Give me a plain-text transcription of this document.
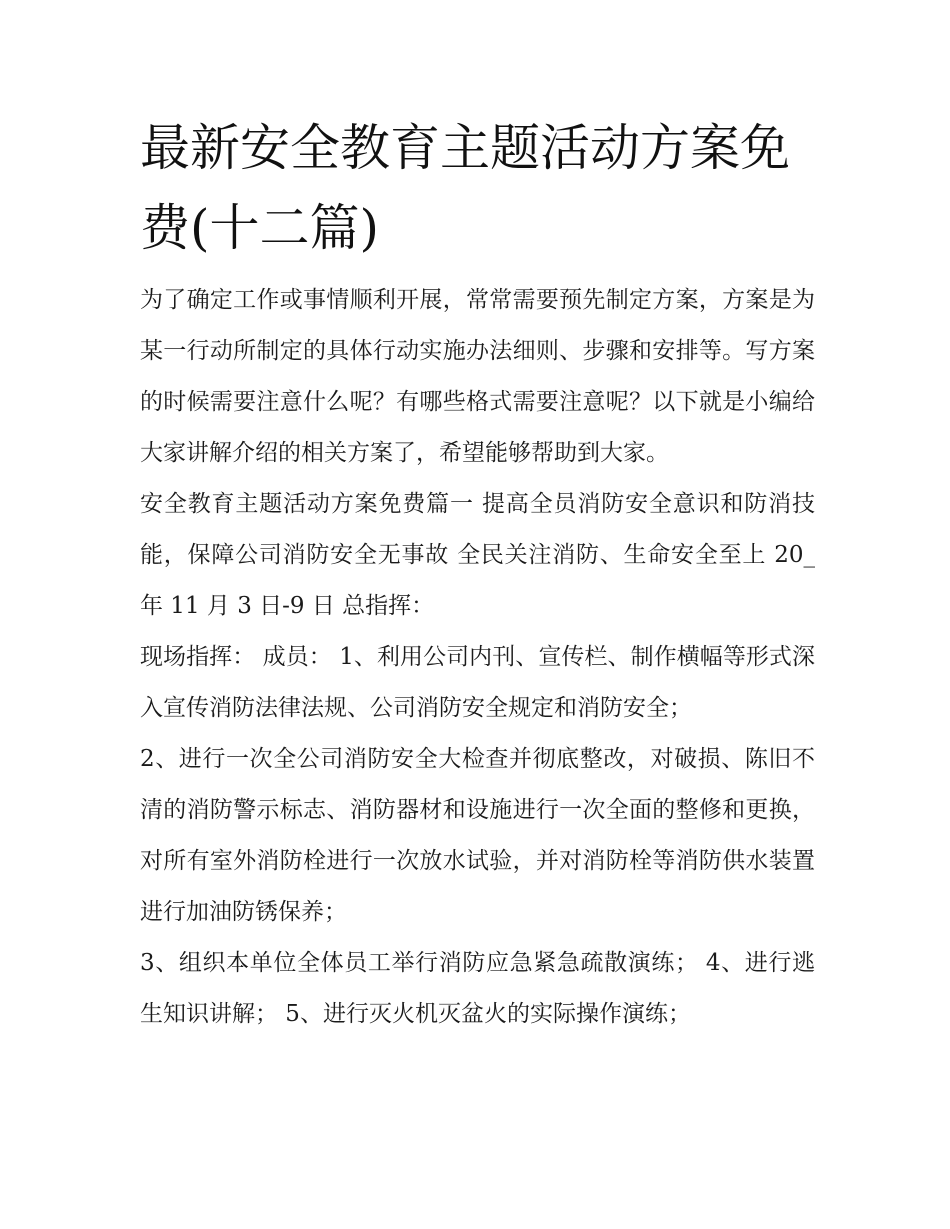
最新安全教育主题活动方案免费(十二篇)

为了确定工作或事情顺利开展，常常需要预先制定方案，方案是为某一行动所制定的具体行动实施办法细则、步骤和安排等。写方案的时候需要注意什么呢？有哪些格式需要注意呢？以下就是小编给大家讲解介绍的相关方案了，希望能够帮助到大家。

安全教育主题活动方案免费篇一 提高全员消防安全意识和防消技能，保障公司消防安全无事故 全民关注消防、生命安全至上 20_年 11 月 3 日-9 日 总指挥：

现场指挥： 成员： 1、利用公司内刊、宣传栏、制作横幅等形式深入宣传消防法律法规、公司消防安全规定和消防安全；

2、进行一次全公司消防安全大检查并彻底整改，对破损、陈旧不清的消防警示标志、消防器材和设施进行一次全面的整修和更换，对所有室外消防栓进行一次放水试验，并对消防栓等消防供水装置进行加油防锈保养；

3、组织本单位全体员工举行消防应急紧急疏散演练； 4、进行逃生知识讲解； 5、进行灭火机灭盆火的实际操作演练；
